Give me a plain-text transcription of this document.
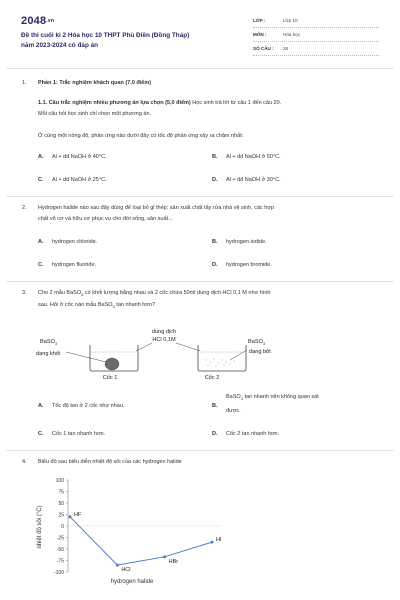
2048.vn
Đề thi cuối kì 2 Hóa học 10 THPT Phù Điền (Đồng Tháp)
năm 2023-2024 có đáp án
LỚP :	Lớp 10
MÔN :	Hóa học
SỐ CÂU : 28
1. Phần 1: Trắc nghiệm khách quan (7,0 điểm)
1.1. Câu trắc nghiệm nhiều phương án lựa chọn (5,0 điểm) Học sinh trả lời từ câu 1 đến câu 20.
Mỗi câu hỏi học sinh chỉ chọn một phương án.
Ở cùng một nồng độ, phản ứng nào dưới đây có tốc độ phản ứng xảy ra chậm nhất:
A. Al + dd NaOH ở 40°C.	B. Al + dd NaOH ở 50°C.
C. Al + dd NaOH ở 25°C.	D. Al + dd NaOH ở 30°C.
2. Hydrogen halide nào sau đây dùng để loại bỏ gỉ thép; sản xuất chất tẩy rửa nhà vệ sinh, các hợp
chất vô cơ và hữu cơ phục vụ cho đời sống, sản xuất...
A. hydrogen chloride.	B. hydrogen iodide.
C. hydrogen fluoride.	D. hydrogen bromide.
3. Cho 2 mẫu BaSO$_3$ có khối lượng bằng nhau và 2 cốc chứa 50ml dung dịch HCl 0,1 M như hình
sau. Hỏi ở cốc nào mẫu BaSO$_3$ tan nhanh hơn?
dung dịch
HCl 0,1M
BaSO$_3$
dạng khối
BaSO$_3$
dạng bột
Cốc 1	Cốc 2
A. Tốc độ tan ở 2 cốc như nhau.	B.
BaSO$_3$ tan nhanh nên không quan sát
được.
C. Cốc 1 tan nhanh hơn.	D. Cốc 2 tan nhanh hơn.
4. Biểu đồ sau biểu diễn nhiệt độ sôi của các hydrogen halide
nhiệt độ sôi (°C)
hydrogen halide
100
75
50
25
0
-25
-50
-75
-100
HF
HCl
HBr
HI
